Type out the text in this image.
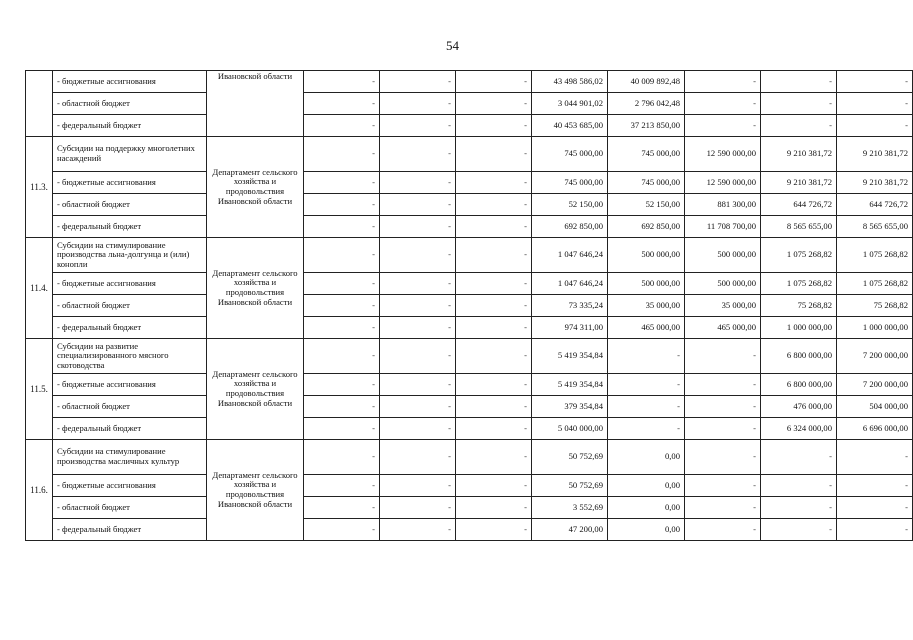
54
	- бюджетные ассигнования	Ивановской области	-	-	-	43 498 586,02	40 009 892,48	-	-	-
	- областной бюджет		-	-	-	3 044 901,02	2 796 042,48	-	-	-
	- федеральный бюджет		-	-	-	40 453 685,00	37 213 850,00	-	-	-
11.3.	Субсидии на поддержку многолетних насаждений	Департамент сельского хозяйства и продовольствия Ивановской области	-	-	-	745 000,00	745 000,00	12 590 000,00	9 210 381,72	9 210 381,72
	- бюджетные ассигнования		-	-	-	745 000,00	745 000,00	12 590 000,00	9 210 381,72	9 210 381,72
	- областной бюджет		-	-	-	52 150,00	52 150,00	881 300,00	644 726,72	644 726,72
	- федеральный бюджет		-	-	-	692 850,00	692 850,00	11 708 700,00	8 565 655,00	8 565 655,00
11.4.	Субсидии на стимулирование производства льна-долгунца и (или) конопли	Департамент сельского хозяйства и продовольствия Ивановской области	-	-	-	1 047 646,24	500 000,00	500 000,00	1 075 268,82	1 075 268,82
	- бюджетные ассигнования		-	-	-	1 047 646,24	500 000,00	500 000,00	1 075 268,82	1 075 268,82
	- областной бюджет		-	-	-	73 335,24	35 000,00	35 000,00	75 268,82	75 268,82
	- федеральный бюджет		-	-	-	974 311,00	465 000,00	465 000,00	1 000 000,00	1 000 000,00
11.5.	Субсидии на развитие специализированного мясного скотоводства	Департамент сельского хозяйства и продовольствия Ивановской области	-	-	-	5 419 354,84	-	-	6 800 000,00	7 200 000,00
	- бюджетные ассигнования		-	-	-	5 419 354,84	-	-	6 800 000,00	7 200 000,00
	- областной бюджет		-	-	-	379 354,84	-	-	476 000,00	504 000,00
	- федеральный бюджет		-	-	-	5 040 000,00	-	-	6 324 000,00	6 696 000,00
11.6.	Субсидии на стимулирование производства масличных культур	Департамент сельского хозяйства и продовольствия Ивановской области	-	-	-	50 752,69	0,00	-	-	-
	- бюджетные ассигнования		-	-	-	50 752,69	0,00	-	-	-
	- областной бюджет		-	-	-	3 552,69	0,00	-	-	-
	- федеральный бюджет		-	-	-	47 200,00	0,00	-	-	-
